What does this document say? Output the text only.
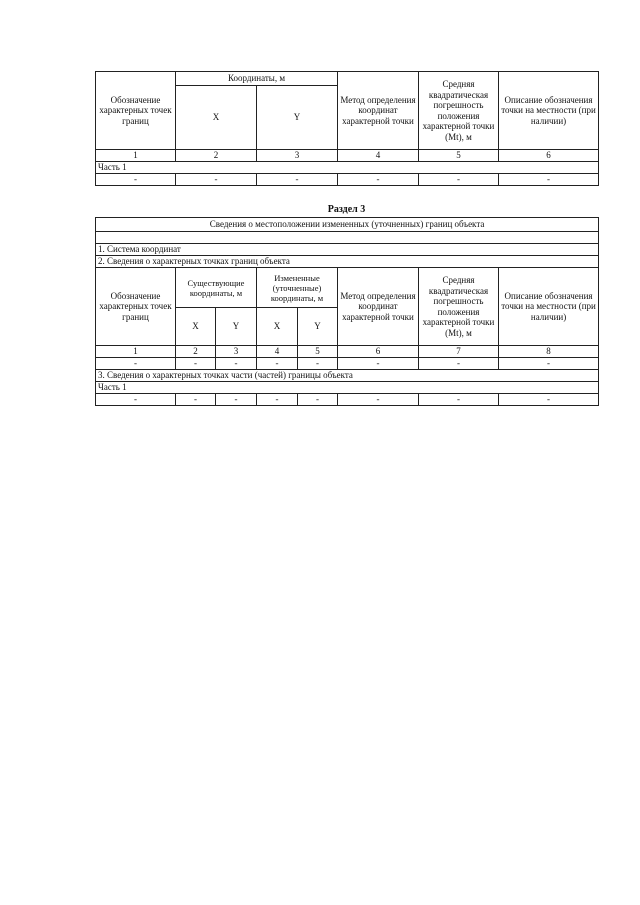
Обозначение характерных точек границ	Координаты, м		Метод определения координат характерной точки	Средняя квадратическая погрешность положения характерной точки (Mt), м	Описание обозначения точки на местности (при наличии)
	X	Y			
1	2	3	4	5	6
Часть 1					
-	-	-	-	-	-
Раздел 3
Сведения о местоположении измененных (уточненных) границ объекта							

1. Система координат							
2. Сведения о характерных точках границ объекта							
Обозначение характерных точек границ	Существующие координаты, м		Измененные (уточненные) координаты, м		Метод определения координат характерной точки	Средняя квадратическая погрешность положения характерной точки (Mt), м	Описание обозначения точки на местности (при наличии)
	X	Y	X	Y			
1	2	3	4	5	6	7	8
-	-	-	-	-	-	-	-
3. Сведения о характерных точках части (частей) границы объекта							
Часть 1							
-	-	-	-	-	-	-	-
